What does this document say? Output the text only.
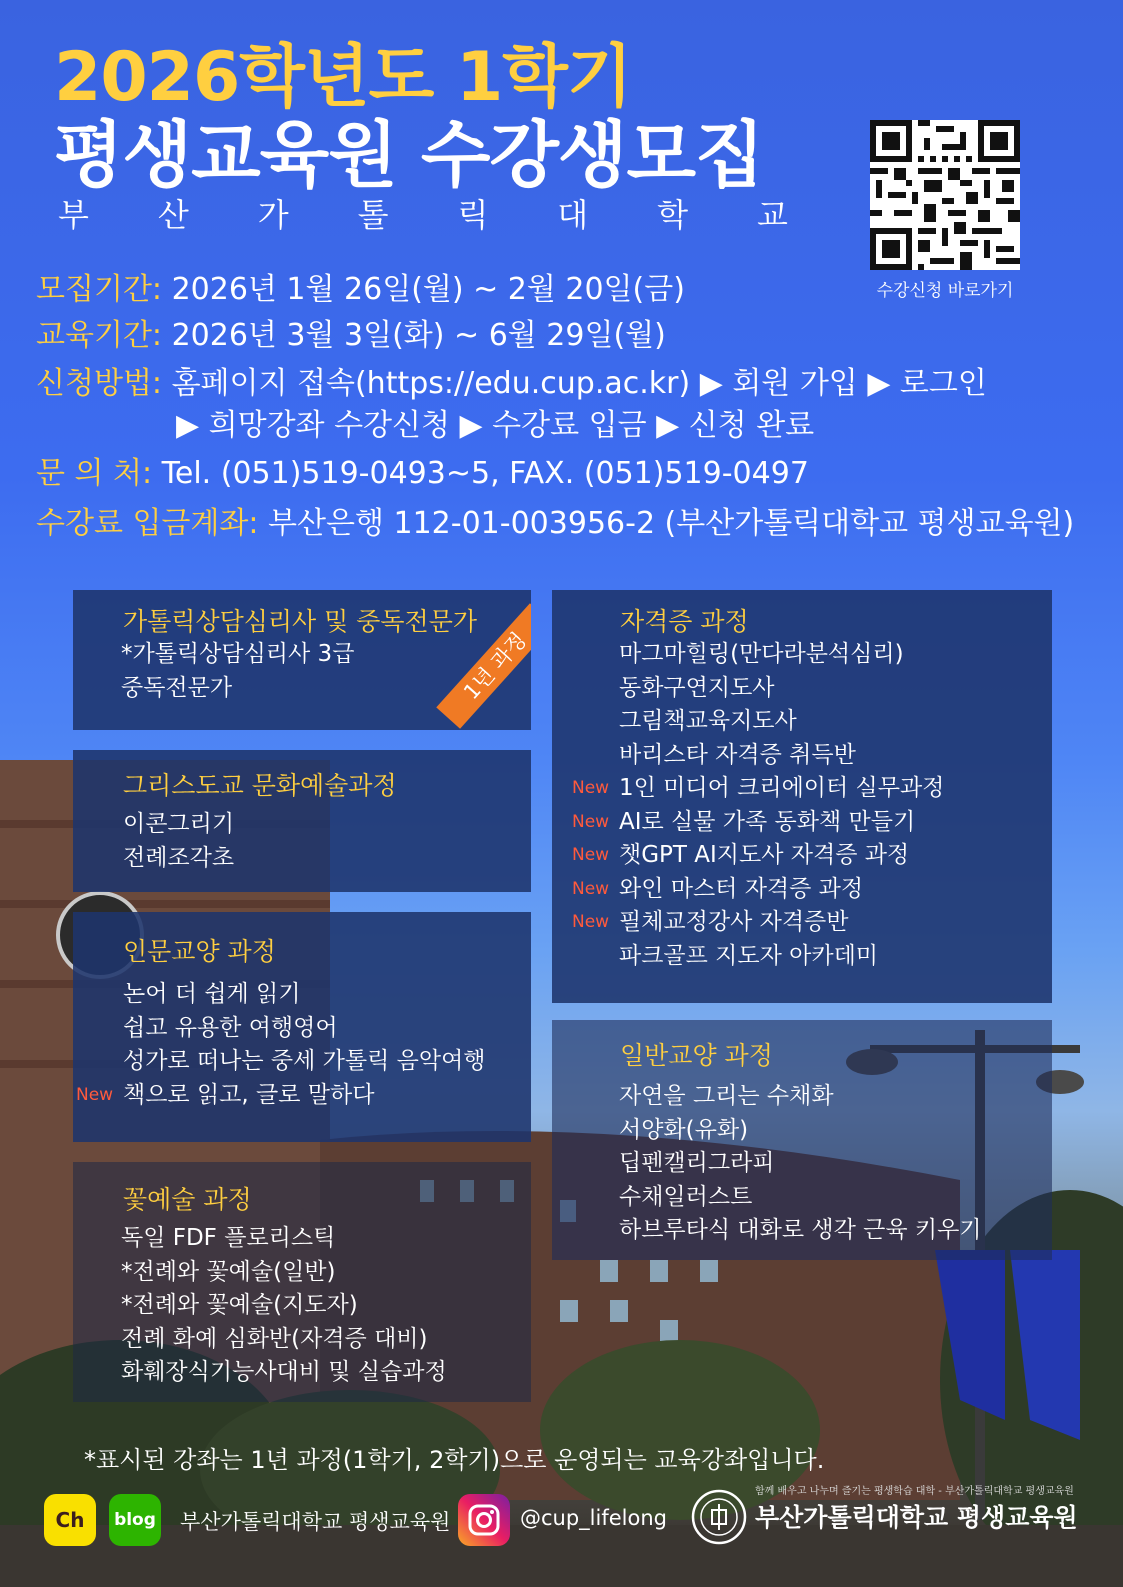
2026학년도 1학기
평생교육원 수강생모집
부 산 가 톨 릭 대 학 교
수강신청 바로가기
모집기간: 2026년 1월 26일(월) ~ 2월 20일(금)
교육기간: 2026년 3월 3일(화) ~ 6월 29일(월)
신청방법: 홈페이지 접속(https://edu.cup.ac.kr) ▶ 회원 가입 ▶ 로그인
▶ 희망강좌 수강신청 ▶ 수강료 입금 ▶ 신청 완료
문 의 처: Tel. (051)519-0493~5, FAX. (051)519-0497
수강료 입금계좌: 부산은행 112-01-003956-2 (부산가톨릭대학교 평생교육원)
가톨릭상담심리사 및 중독전문가
*가톨릭상담심리사 3급
중독전문가	1년 과정
그리스도교 문화예술과정
이콘그리기
전례조각초
인문교양 과정
논어 더 쉽게 읽기
쉽고 유용한 여행영어
성가로 떠나는 중세 가톨릭 음악여행
New 책으로 읽고, 글로 말하다
꽃예술 과정
독일 FDF 플로리스틱
*전례와 꽃예술(일반)
*전례와 꽃예술(지도자)
전례 화예 심화반(자격증 대비)
화훼장식기능사대비 및 실습과정
자격증 과정
마그마힐링(만다라분석심리)
동화구연지도사
그림책교육지도사
바리스타 자격증 취득반
New 1인 미디어 크리에이터 실무과정
New AI로 실물 가족 동화책 만들기
New 챗GPT AI지도사 자격증 과정
New 와인 마스터 자격증 과정
New 필체교정강사 자격증반
파크골프 지도자 아카데미
일반교양 과정
자연을 그리는 수채화
서양화(유화)
딥펜캘리그라피
수채일러스트
하브루타식 대화로 생각 근육 키우기
*표시된 강좌는 1년 과정(1학기, 2학기)으로 운영되는 교육강좌입니다.
Ch	blog 부산가톨릭대학교 평생교육원	@cup_lifelong
함께 배우고 나누며 즐기는 평생학습 대학 - 부산가톨릭대학교 평생교육원
부산가톨릭대학교 평생교육원
